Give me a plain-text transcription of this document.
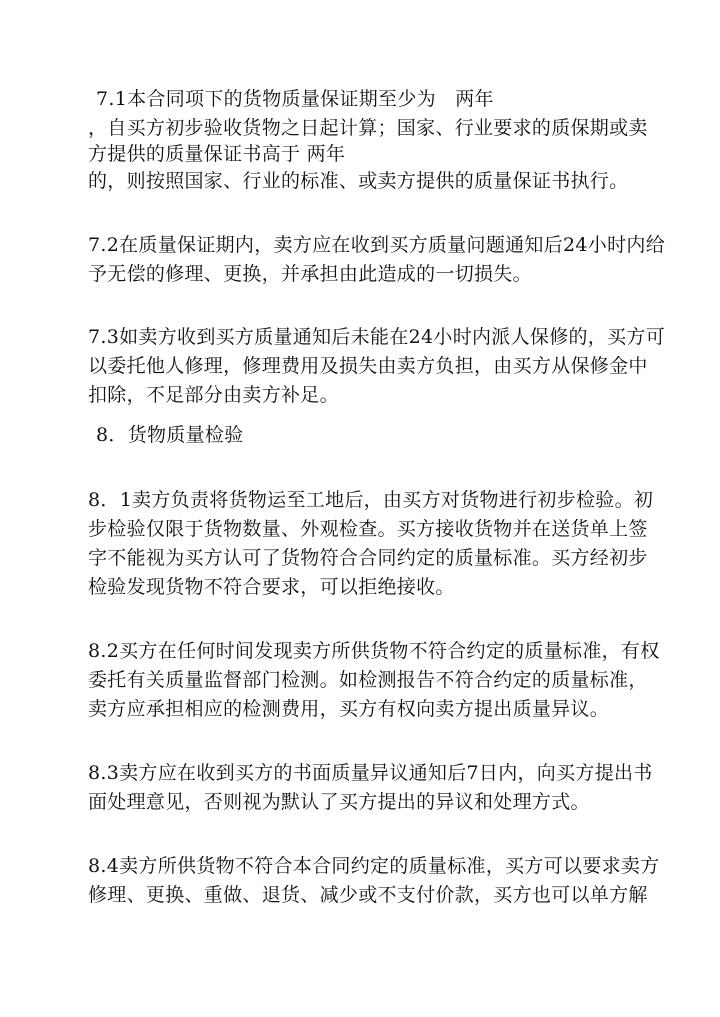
7.1本合同项下的货物质量保证期至少为　两年
，自买方初步验收货物之日起计算；国家、行业要求的质保期或卖
方提供的质量保证书高于 两年
的，则按照国家、行业的标准、或卖方提供的质量保证书执行。
7.2在质量保证期内，卖方应在收到买方质量问题通知后24小时内给
予无偿的修理、更换，并承担由此造成的一切损失。
7.3如卖方收到买方质量通知后未能在24小时内派人保修的，买方可
以委托他人修理，修理费用及损失由卖方负担，由买方从保修金中
扣除，不足部分由卖方补足。
8．货物质量检验
8．1卖方负责将货物运至工地后，由买方对货物进行初步检验。初
步检验仅限于货物数量、外观检查。买方接收货物并在送货单上签
字不能视为买方认可了货物符合合同约定的质量标准。买方经初步
检验发现货物不符合要求，可以拒绝接收。
8.2买方在任何时间发现卖方所供货物不符合约定的质量标准，有权
委托有关质量监督部门检测。如检测报告不符合约定的质量标准，
卖方应承担相应的检测费用，买方有权向卖方提出质量异议。
8.3卖方应在收到买方的书面质量异议通知后7日内，向买方提出书
面处理意见，否则视为默认了买方提出的异议和处理方式。
8.4卖方所供货物不符合本合同约定的质量标准，买方可以要求卖方
修理、更换、重做、退货、减少或不支付价款，买方也可以单方解
